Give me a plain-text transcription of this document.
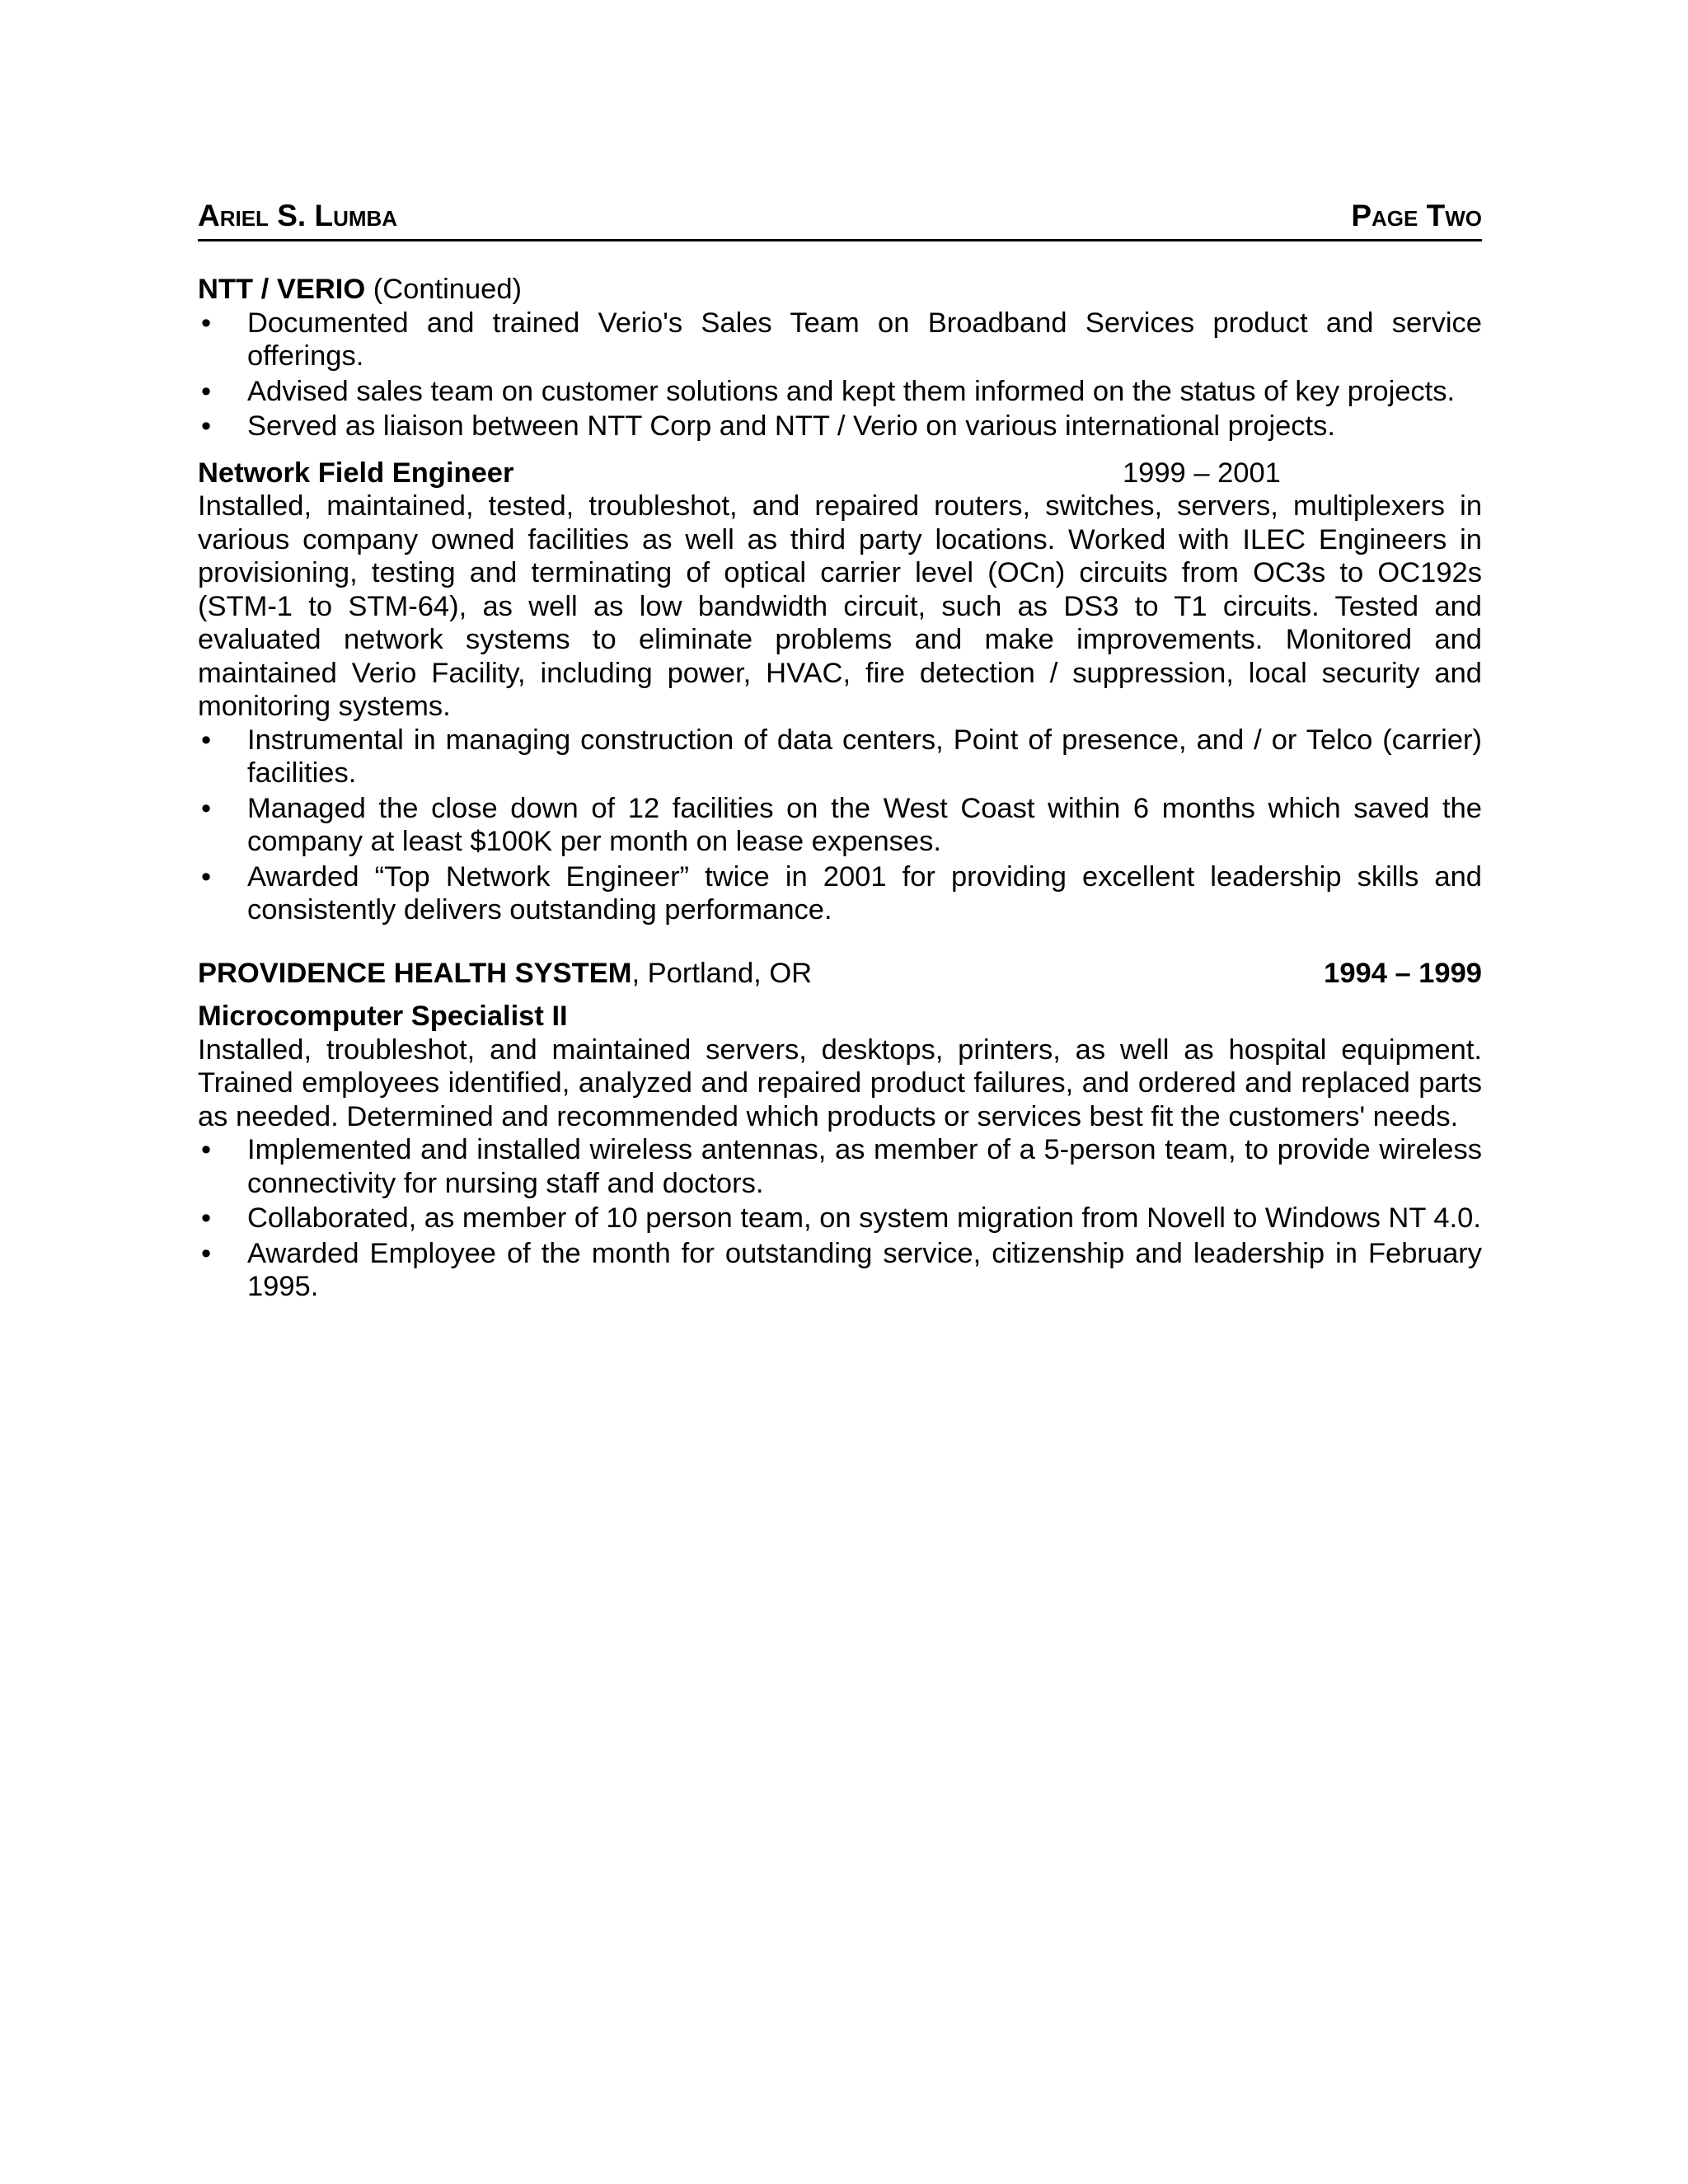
Ariel S. Lumba	Page Two
NTT / VERIO (Continued)
•	Documented and trained Verio's Sales Team on Broadband Services product and service offerings.
•	Advised sales team on customer solutions and kept them informed on the status of key projects.
•	Served as liaison between NTT Corp and NTT / Verio on various international projects.
Network Field Engineer	1999 – 2001

Installed, maintained, tested, troubleshot, and repaired routers, switches, servers, multiplexers in various company owned facilities as well as third party locations. Worked with ILEC Engineers in provisioning, testing and terminating of optical carrier level (OCn) circuits from OC3s to OC192s (STM-1 to STM-64), as well as low bandwidth circuit, such as DS3 to T1 circuits. Tested and evaluated network systems to eliminate problems and make improvements. Monitored and maintained Verio Facility, including power, HVAC, fire detection / suppression, local security and monitoring systems.

•	Instrumental in managing construction of data centers, Point of presence, and / or Telco (carrier) facilities.
•	Managed the close down of 12 facilities on the West Coast within 6 months which saved the company at least $100K per month on lease expenses.
•	Awarded “Top Network Engineer” twice in 2001 for providing excellent leadership skills and consistently delivers outstanding performance.
PROVIDENCE HEALTH SYSTEM, Portland, OR	1994 – 1999
Microcomputer Specialist II

Installed, troubleshot, and maintained servers, desktops, printers, as well as hospital equipment. Trained employees identified, analyzed and repaired product failures, and ordered and replaced parts as needed. Determined and recommended which products or services best fit the customers' needs.

•	Implemented and installed wireless antennas, as member of a 5-person team, to provide wireless connectivity for nursing staff and doctors.
•	Collaborated, as member of 10 person team, on system migration from Novell to Windows NT 4.0.
•	Awarded Employee of the month for outstanding service, citizenship and leadership in February 1995.
